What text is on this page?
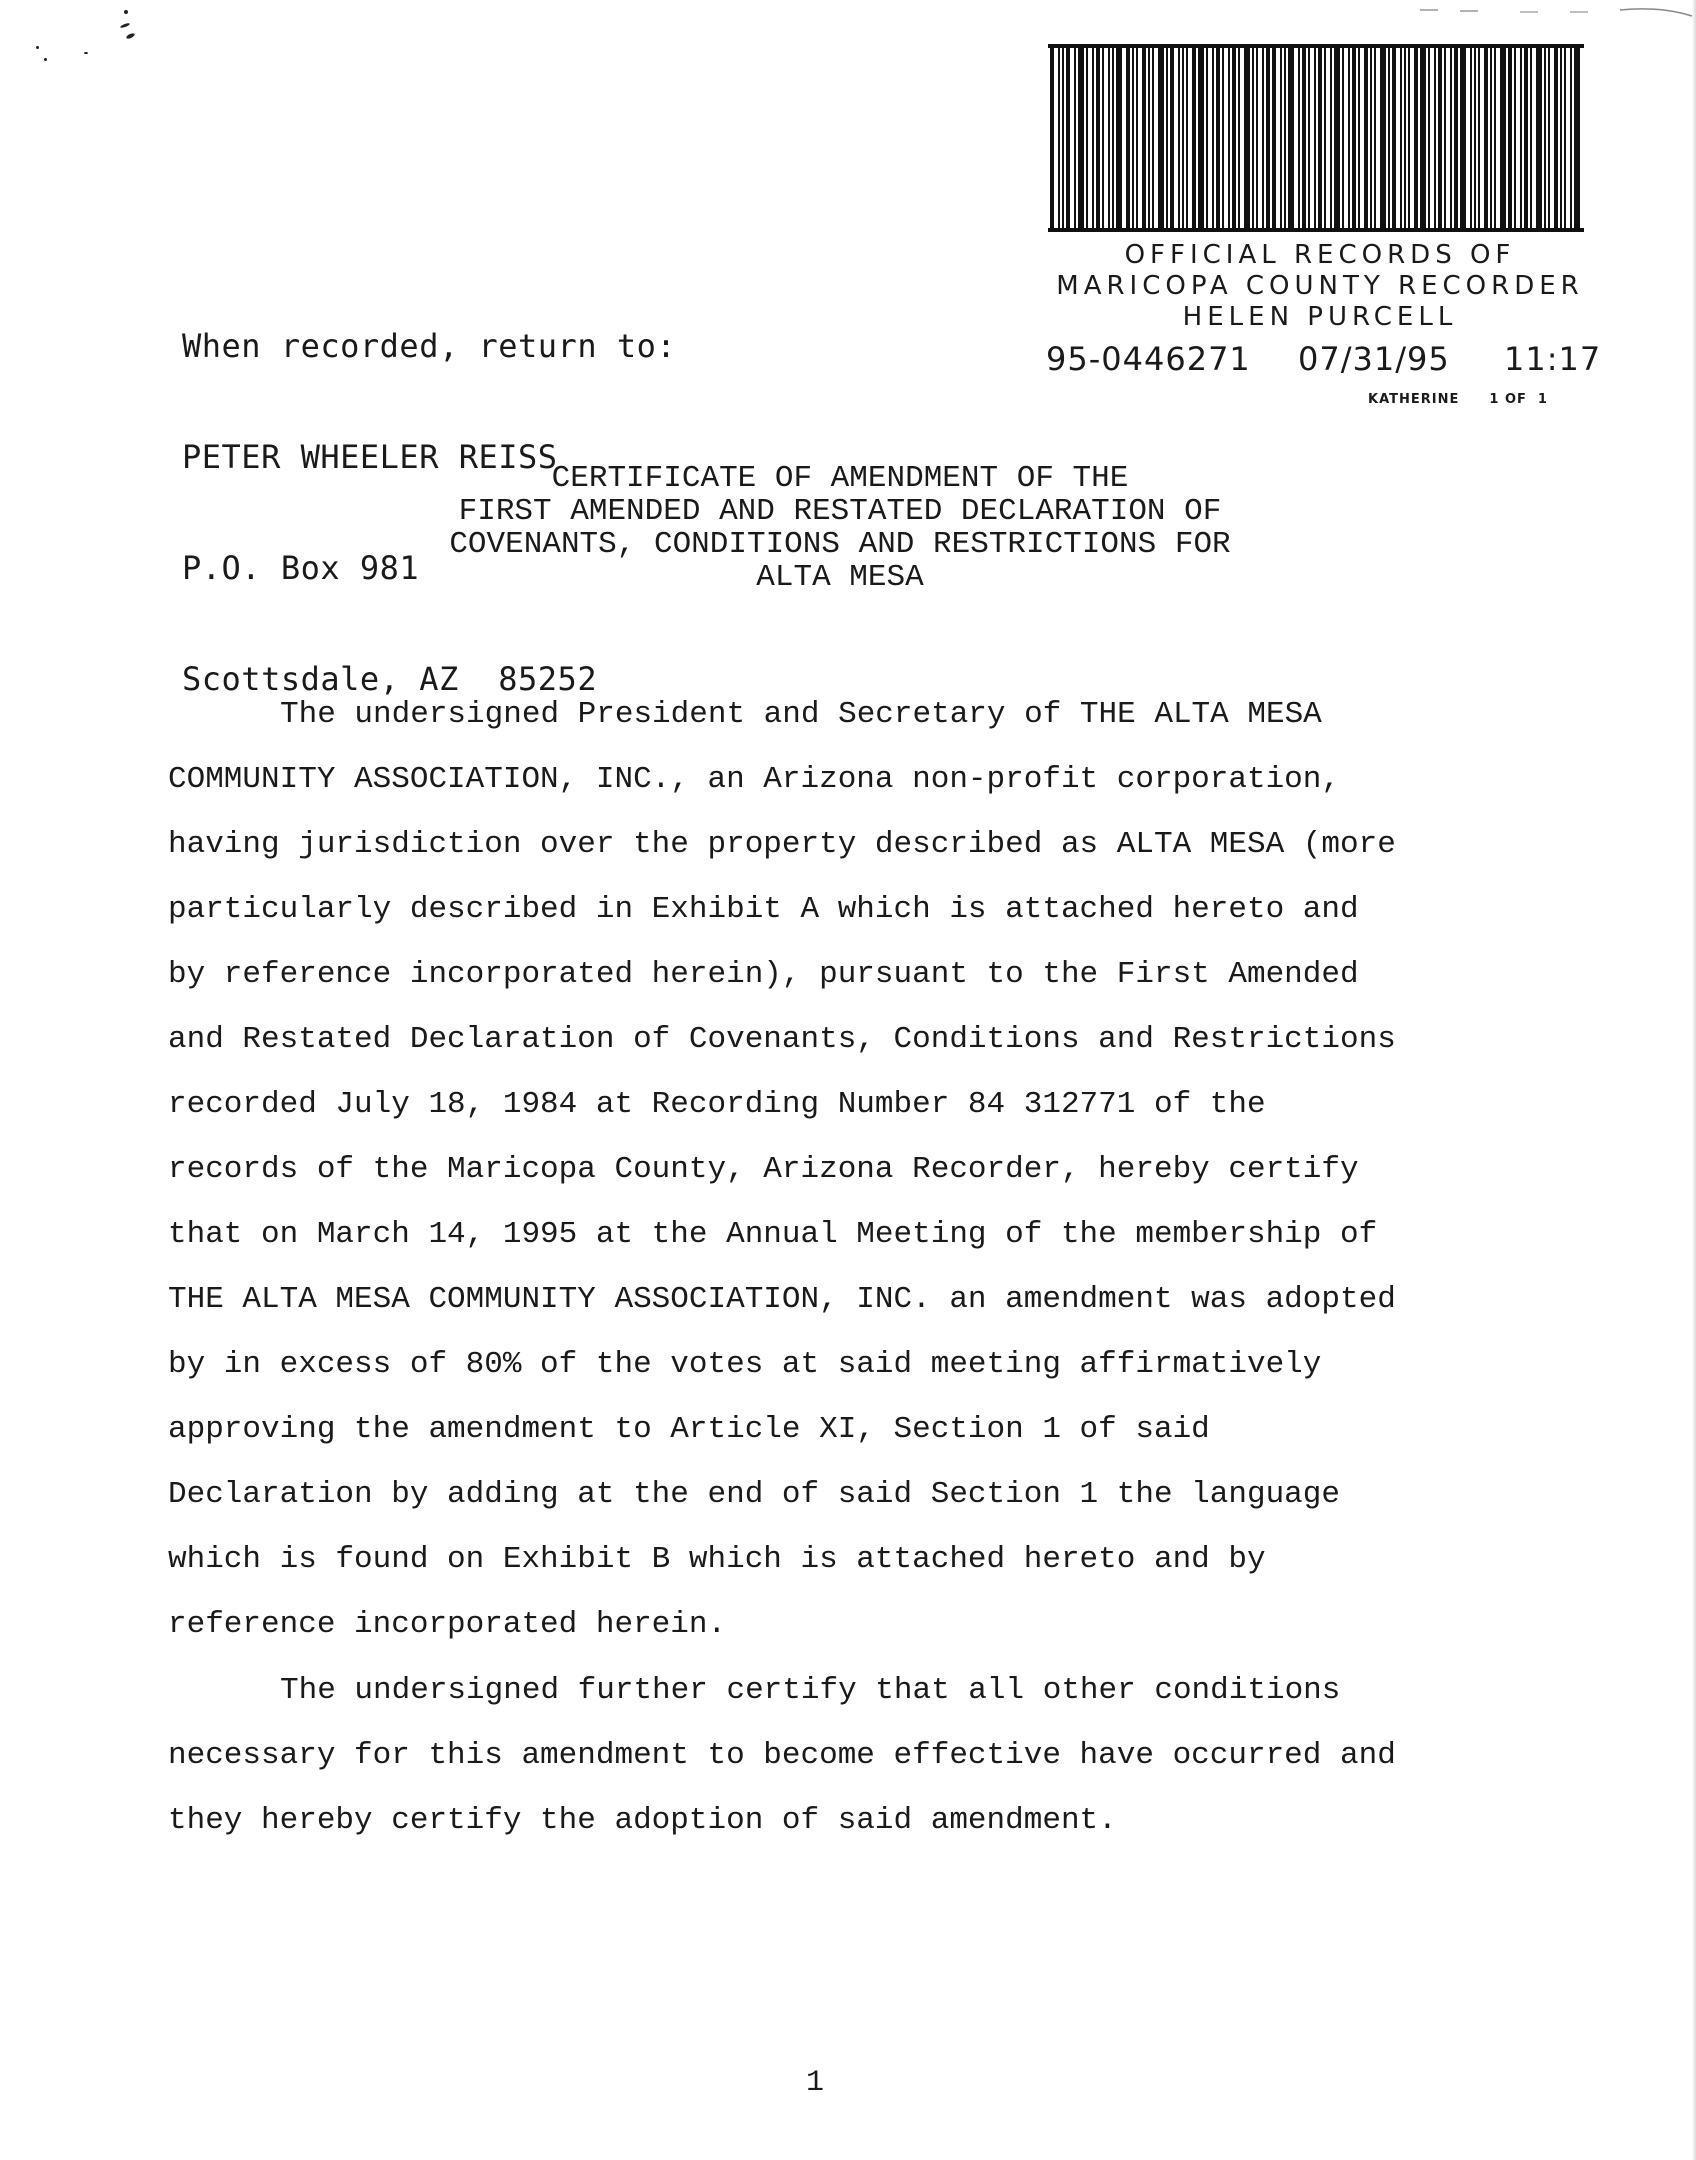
When recorded, return to:

PETER WHEELER REISS

P.O. Box 981

Scottsdale, AZ  85252

OFFICIAL RECORDS OF
MARICOPA COUNTY RECORDER
HELEN PURCELL
95-0446271 07/31/95 11:17
KATHERINE 1 OF  1
CERTIFICATE OF AMENDMENT OF THE
FIRST AMENDED AND RESTATED DECLARATION OF
COVENANTS, CONDITIONS AND RESTRICTIONS FOR
ALTA MESA
The undersigned President and Secretary of THE ALTA MESA
COMMUNITY ASSOCIATION, INC., an Arizona non-profit corporation,
having jurisdiction over the property described as ALTA MESA (more
particularly described in Exhibit A which is attached hereto and
by reference incorporated herein), pursuant to the First Amended
and Restated Declaration of Covenants, Conditions and Restrictions
recorded July 18, 1984 at Recording Number 84 312771 of the
records of the Maricopa County, Arizona Recorder, hereby certify
that on March 14, 1995 at the Annual Meeting of the membership of
THE ALTA MESA COMMUNITY ASSOCIATION, INC. an amendment was adopted
by in excess of 80% of the votes at said meeting affirmatively
approving the amendment to Article XI, Section 1 of said
Declaration by adding at the end of said Section 1 the language
which is found on Exhibit B which is attached hereto and by
reference incorporated herein.
The undersigned further certify that all other conditions
necessary for this amendment to become effective have occurred and
they hereby certify the adoption of said amendment.
1
